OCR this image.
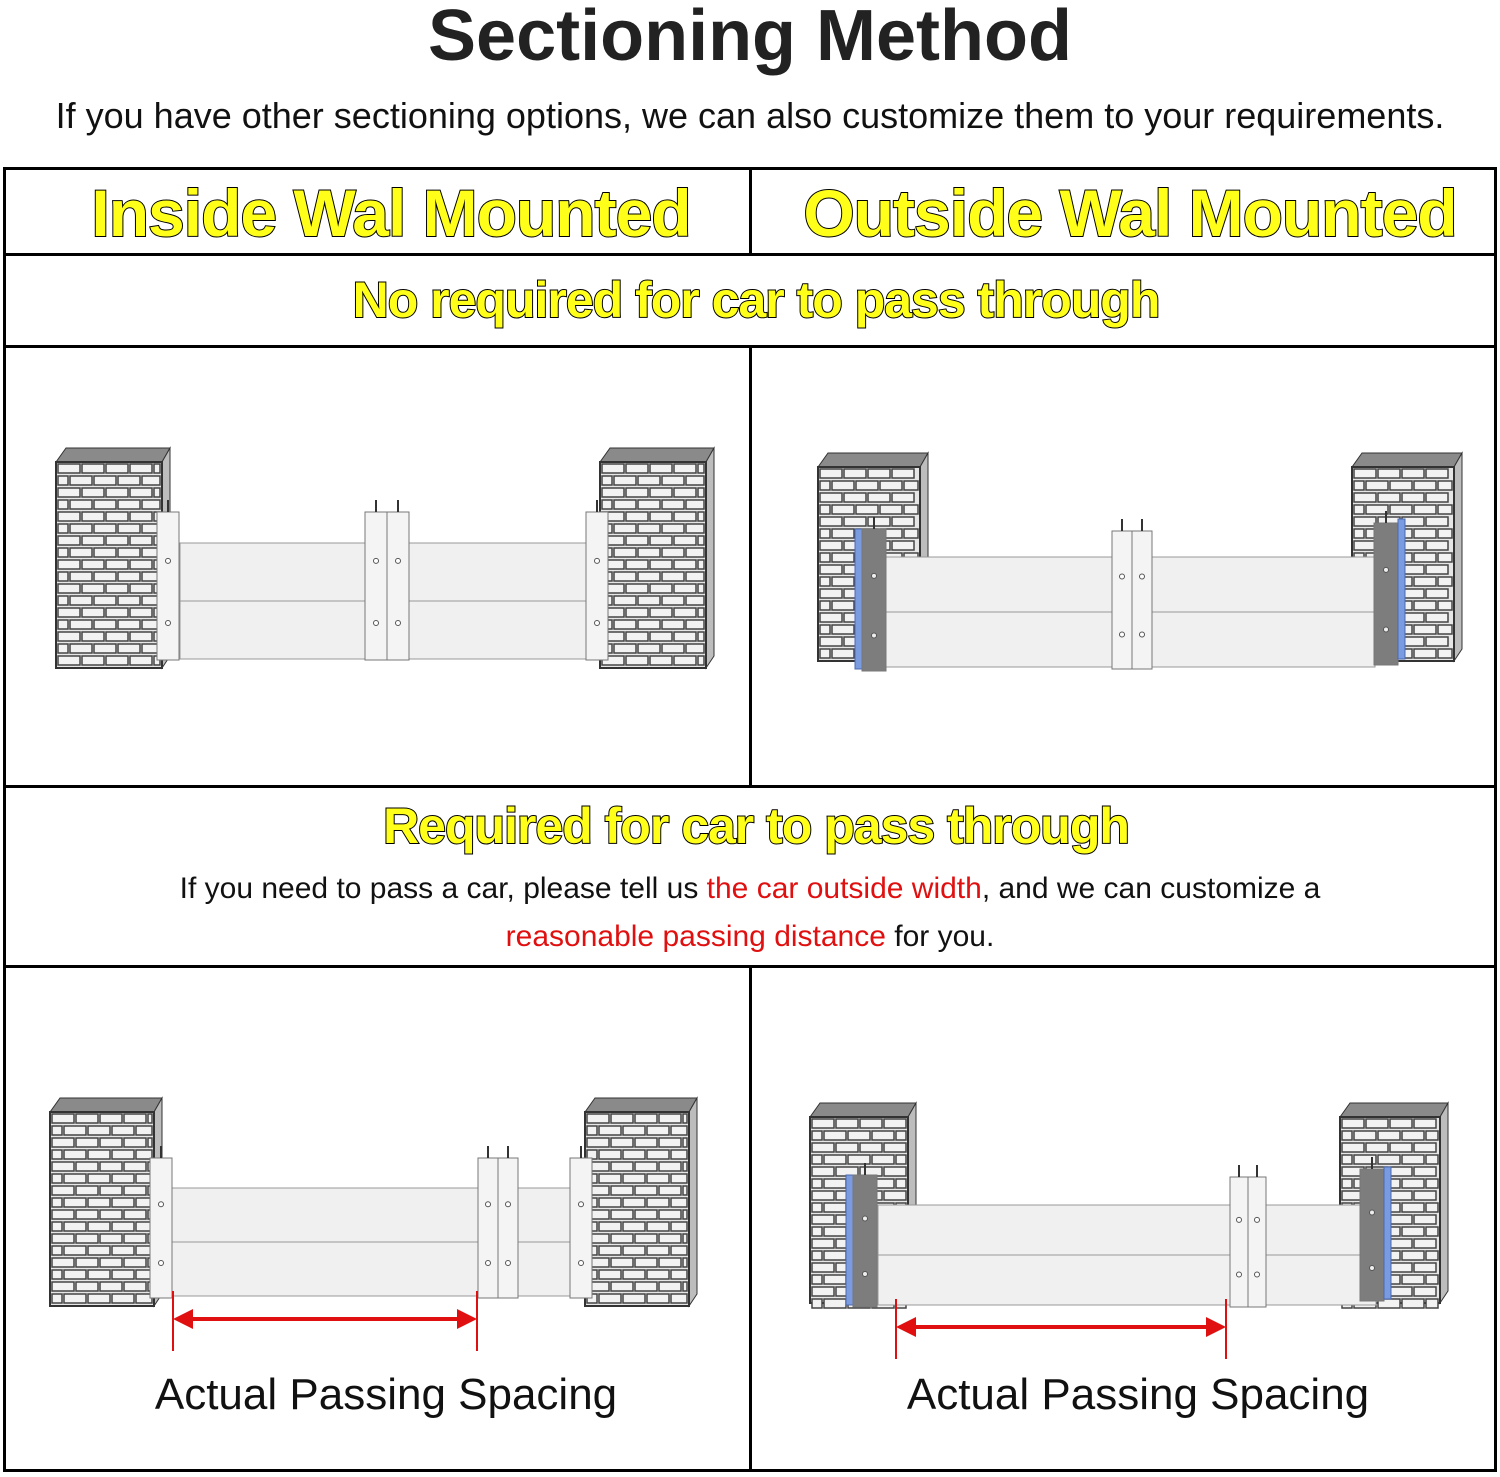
Sectioning Method
If you have other sectioning options, we can also customize them to your requirements.
Inside Wal Mounted	Outside Wal Mounted
No required for car to pass through
Required for car to pass through
If you need to pass a car, please tell us the car outside width, and we can customize a
reasonable passing distance for you.
Actual Passing Spacing	Actual Passing Spacing
